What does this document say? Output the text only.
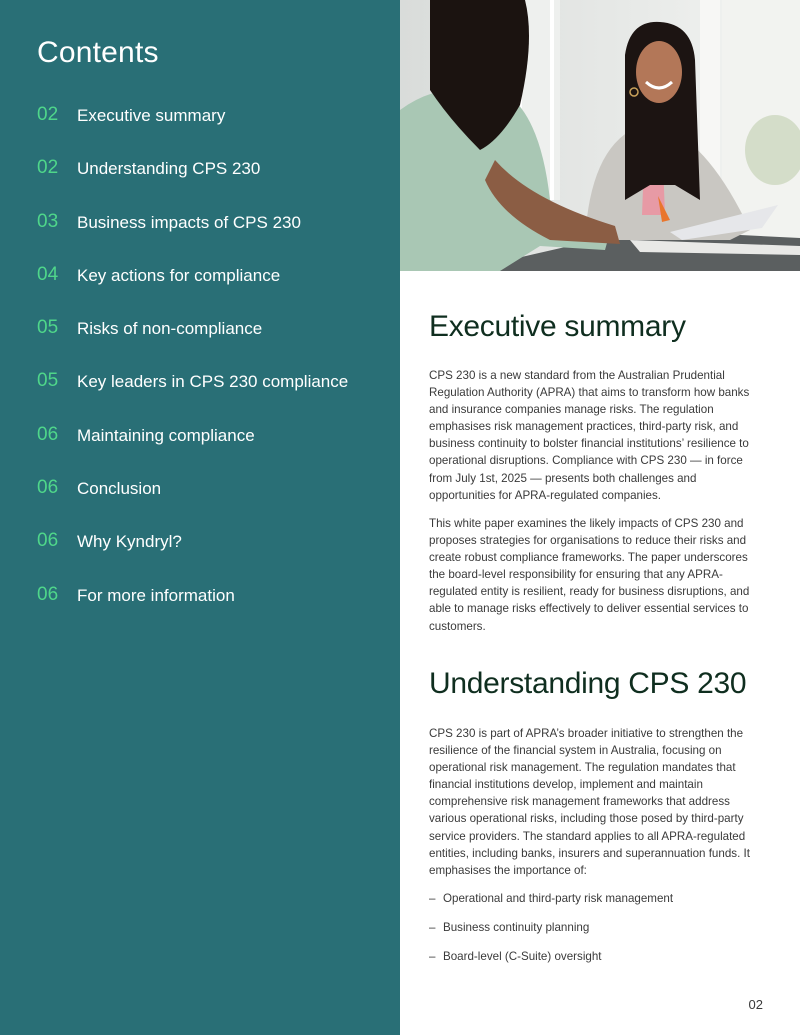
Contents
02	Executive summary
02	Understanding CPS 230
03	Business impacts of CPS 230
04	Key actions for compliance
05	Risks of non-compliance
05	Key leaders in CPS 230 compliance
06	Maintaining compliance
06	Conclusion
06	Why Kyndryl?
06	For more information
Executive summary

CPS 230 is a new standard from the Australian Prudential Regulation Authority (APRA) that aims to transform how banks and insurance companies manage risks. The regulation emphasises risk management practices, third-party risk, and business continuity to bolster financial institutions’ resilience to operational disruptions. Compliance with CPS 230 — in force from July 1st, 2025 — presents both challenges and opportunities for APRA-regulated companies.

This white paper examines the likely impacts of CPS 230 and proposes strategies for organisations to reduce their risks and create robust compliance frameworks. The paper underscores the board-level responsibility for ensuring that any APRA-regulated entity is resilient, ready for business disruptions, and able to manage risks effectively to deliver essential services to customers.

Understanding CPS 230

CPS 230 is part of APRA’s broader initiative to strengthen the resilience of the financial system in Australia, focusing on operational risk management. The regulation mandates that financial institutions develop, implement and maintain comprehensive risk management frameworks that address various operational risks, including those posed by third-party service providers. The standard applies to all APRA-regulated entities, including banks, insurers and superannuation funds. It emphasises the importance of:

– Operational and third-party risk management
– Business continuity planning
– Board-level (C-Suite) oversight
02
